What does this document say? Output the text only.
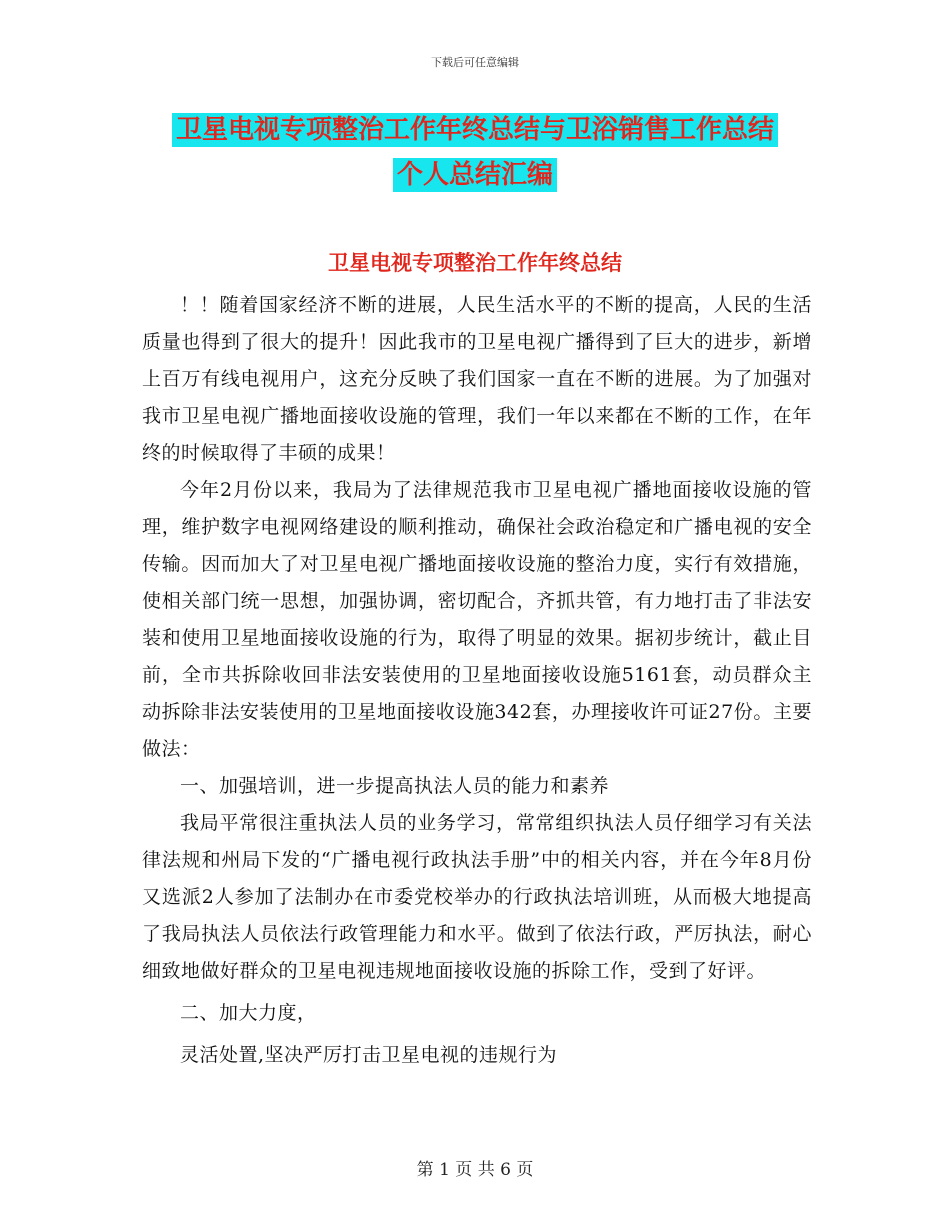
下载后可任意编辑
卫星电视专项整治工作年终总结与卫浴销售工作总结
个人总结汇编
卫星电视专项整治工作年终总结

！！随着国家经济不断的进展，人民生活水平的不断的提高，人民的生活质量也得到了很大的提升！因此我市的卫星电视广播得到了巨大的进步，新增上百万有线电视用户，这充分反映了我们国家一直在不断的进展。为了加强对我市卫星电视广播地面接收设施的管理，我们一年以来都在不断的工作，在年终的时候取得了丰硕的成果！

今年2月份以来，我局为了法律规范我市卫星电视广播地面接收设施的管理，维护数字电视网络建设的顺利推动，确保社会政治稳定和广播电视的安全传输。因而加大了对卫星电视广播地面接收设施的整治力度，实行有效措施，使相关部门统一思想，加强协调，密切配合，齐抓共管，有力地打击了非法安装和使用卫星地面接收设施的行为，取得了明显的效果。据初步统计，截止目前，全市共拆除收回非法安装使用的卫星地面接收设施5161套，动员群众主动拆除非法安装使用的卫星地面接收设施342套，办理接收许可证27份。主要做法：

一、加强培训，进一步提高执法人员的能力和素养

我局平常很注重执法人员的业务学习，常常组织执法人员仔细学习有关法律法规和州局下发的“广播电视行政执法手册”中的相关内容，并在今年8月份又选派2人参加了法制办在市委党校举办的行政执法培训班，从而极大地提高了我局执法人员依法行政管理能力和水平。做到了依法行政，严厉执法，耐心细致地做好群众的卫星电视违规地面接收设施的拆除工作，受到了好评。

二、加大力度，

灵活处置,坚决严厉打击卫星电视的违规行为

第 1 页 共 6 页
